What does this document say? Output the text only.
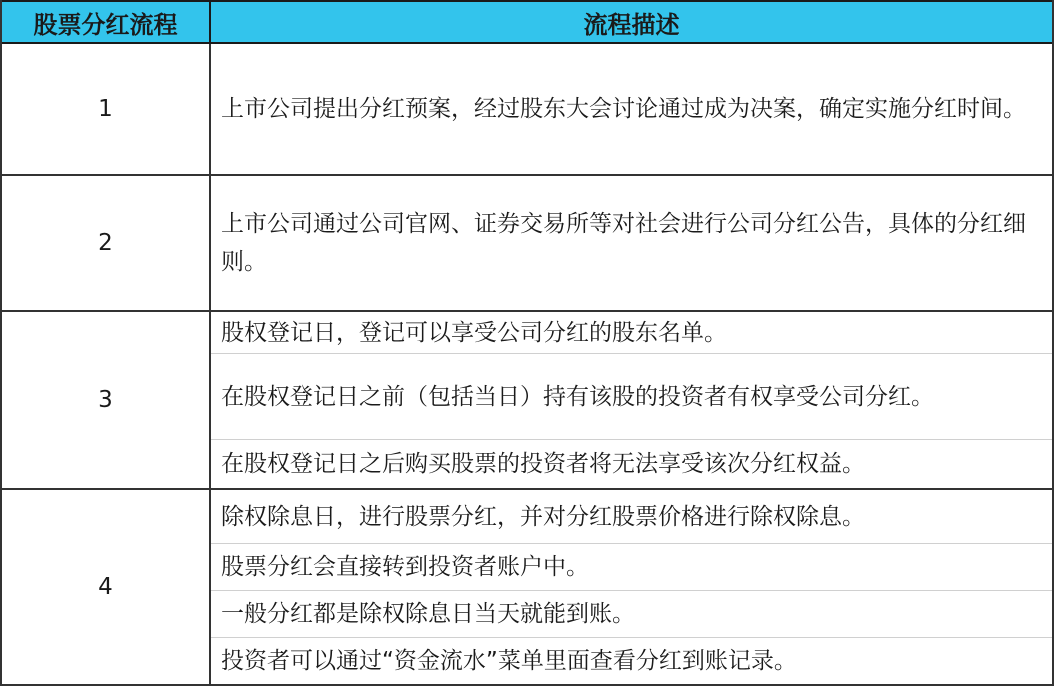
股票分红流程	流程描述
1	上市公司提出分红预案，经过股东大会讨论通过成为决案，确定实施分红时间。
2
上市公司通过公司官网、证券交易所等对社会进行公司分红公告，具体的分红细则。
3
股权登记日，登记可以享受公司分红的股东名单。
在股权登记日之前（包括当日）持有该股的投资者有权享受公司分红。
在股权登记日之后购买股票的投资者将无法享受该次分红权益。
4
除权除息日，进行股票分红，并对分红股票价格进行除权除息。
股票分红会直接转到投资者账户中。
一般分红都是除权除息日当天就能到账。
投资者可以通过“资金流水”菜单里面查看分红到账记录。
